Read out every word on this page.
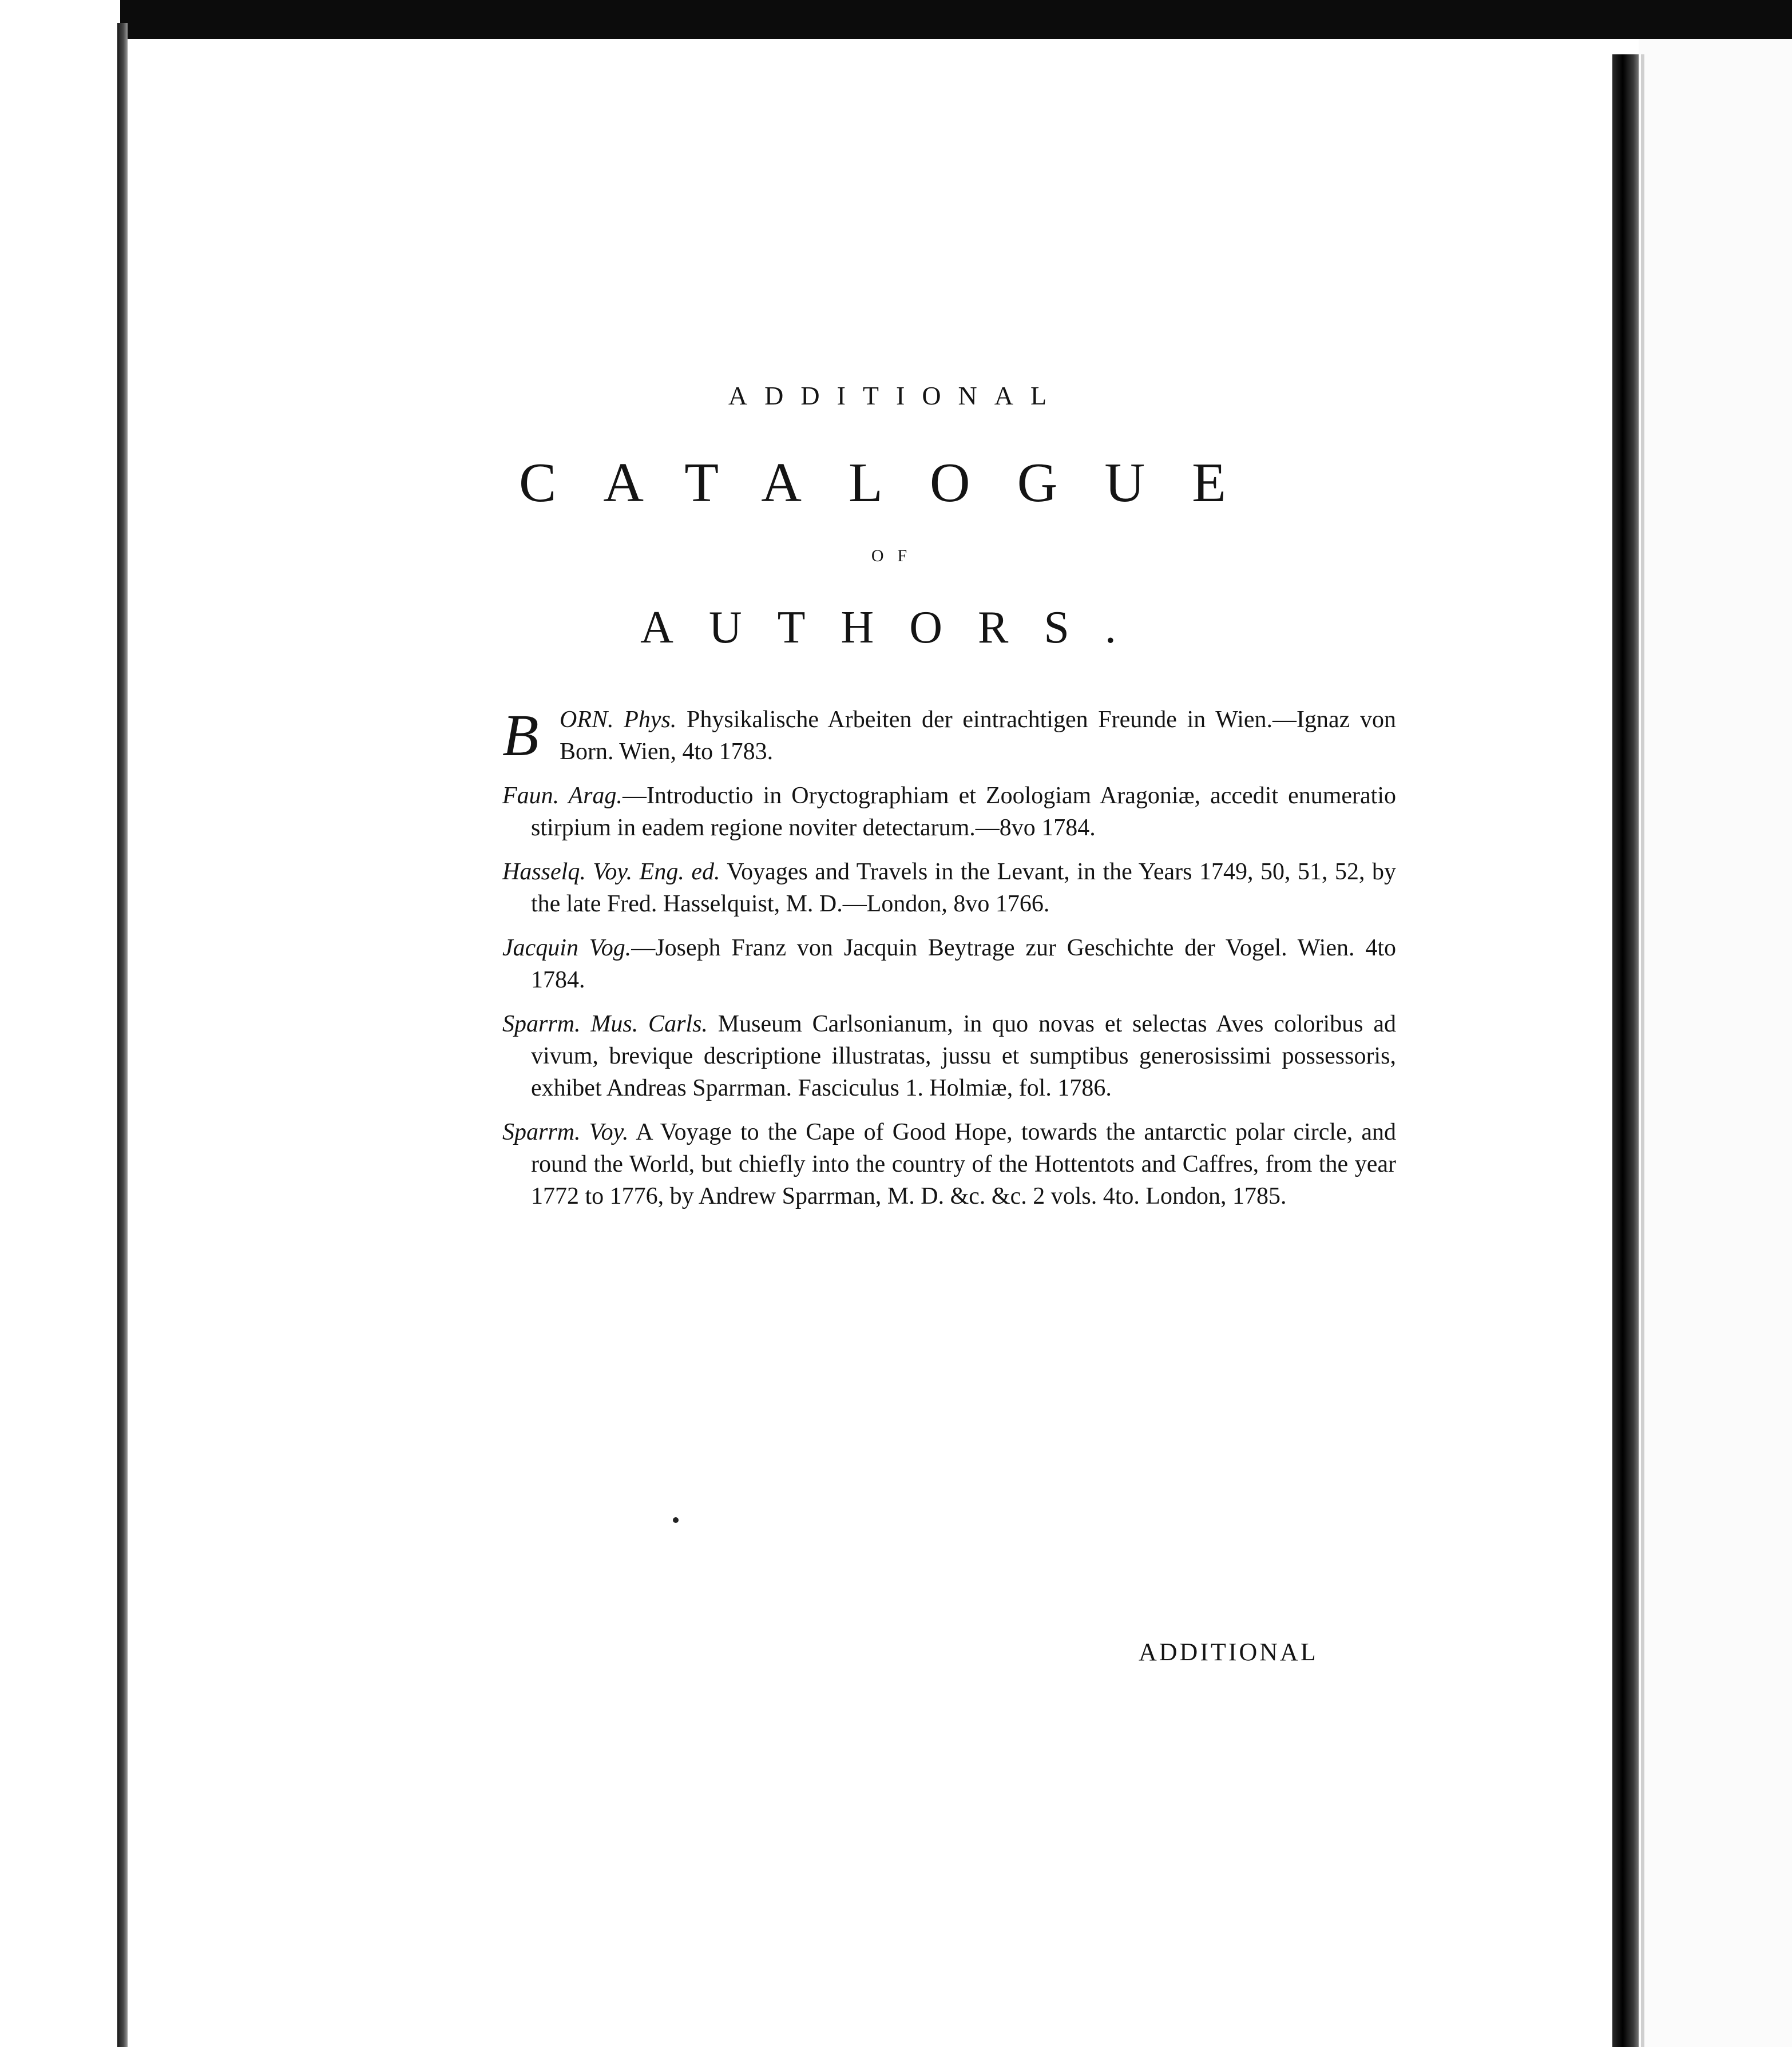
ADDITIONAL
CATALOGUE
OF
AUTHORS.

B ORN. Phys. Physikalische Arbeiten der eintrachtigen Freunde in Wien.—Ignaz von Born. Wien, 4to 1783.

Faun. Arag.—Introductio in Oryctographiam et Zoologiam Aragoniæ, accedit enumeratio stirpium in eadem regione noviter detectarum.—8vo 1784.

Hasselq. Voy. Eng. ed. Voyages and Travels in the Levant, in the Years 1749, 50, 51, 52, by the late Fred. Hasselquist, M. D.—London, 8vo 1766.

Jacquin Vog.—Joseph Franz von Jacquin Beytrage zur Geschichte der Vogel. Wien. 4to 1784.

Sparrm. Mus. Carls. Museum Carlsonianum, in quo novas et selectas Aves coloribus ad vivum, brevique descriptione illustratas, jussu et sumptibus generosissimi possessoris, exhibet Andreas Sparrman. Fasciculus 1. Holmiæ, fol. 1786.

Sparrm. Voy. A Voyage to the Cape of Good Hope, towards the antarctic polar circle, and round the World, but chiefly into the country of the Hottentots and Caffres, from the year 1772 to 1776, by Andrew Sparrman, M. D. &c. &c. 2 vols. 4to. London, 1785.

ADDITIONAL
